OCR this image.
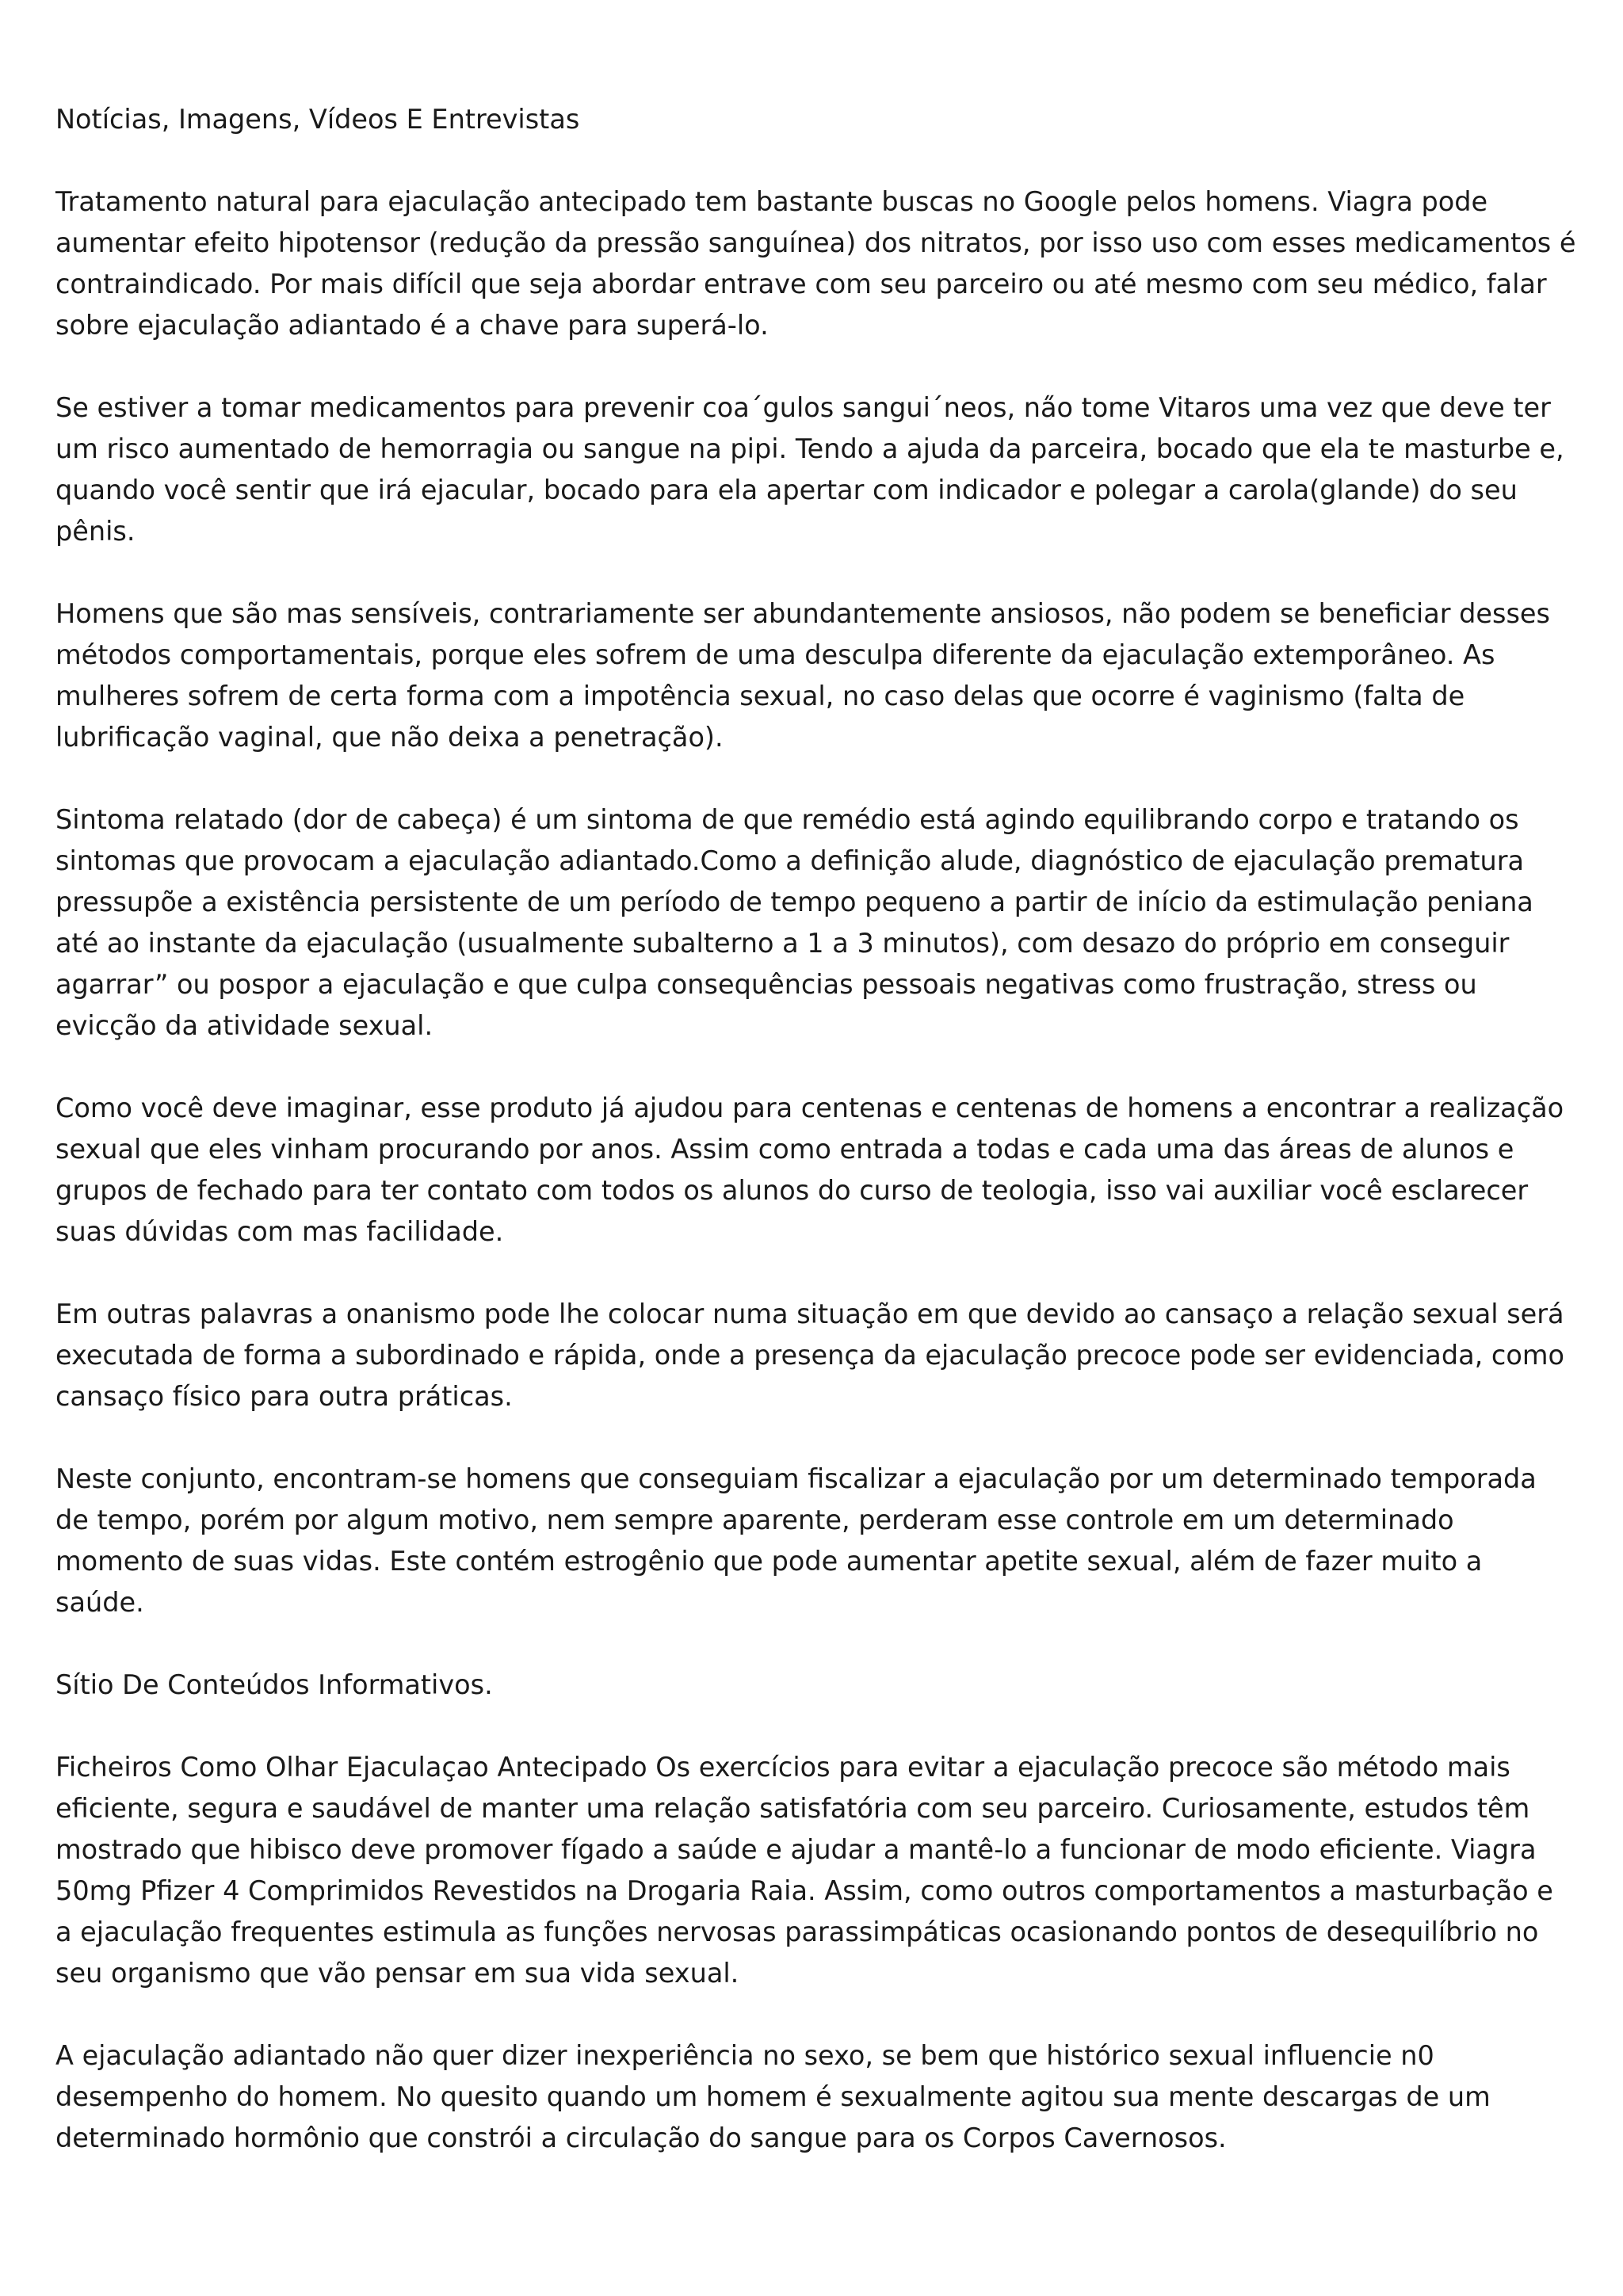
Notícias, Imagens, Vídeos E Entrevistas

Tratamento natural para ejaculação antecipado tem bastante buscas no Google pelos homens. Viagra pode aumentar efeito hipotensor (redução da pressão sanguínea) dos nitratos, por isso uso com esses medicamentos é contraindicado. Por mais difícil que seja abordar entrave com seu parceiro ou até mesmo com seu médico, falar sobre ejaculação adiantado é a chave para superá-lo.

Se estiver a tomar medicamentos para prevenir coa´gulos sangui´neos, na̋o tome Vitaros uma vez que deve ter um risco aumentado de hemorragia ou sangue na pipi. Tendo a ajuda da parceira, bocado que ela te masturbe e, quando você sentir que irá ejacular, bocado para ela apertar com indicador e polegar a carola(glande) do seu pênis.

Homens que são mas sensíveis, contrariamente ser abundantemente ansiosos, não podem se beneficiar desses métodos comportamentais, porque eles sofrem de uma desculpa diferente da ejaculação extemporâneo. As mulheres sofrem de certa forma com a impotência sexual, no caso delas que ocorre é vaginismo (falta de lubrificação vaginal, que não deixa a penetração).

Sintoma relatado (dor de cabeça) é um sintoma de que remédio está agindo equilibrando corpo e tratando os sintomas que provocam a ejaculação adiantado.Como a definição alude, diagnóstico de ejaculação prematura pressupõe a existência persistente de um período de tempo pequeno a partir de início da estimulação peniana até ao instante da ejaculação (usualmente subalterno a 1 a 3 minutos), com desazo do próprio em conseguir agarrar” ou pospor a ejaculação e que culpa consequências pessoais negativas como frustração, stress ou evicção da atividade sexual.

Como você deve imaginar, esse produto já ajudou para centenas e centenas de homens a encontrar a realização sexual que eles vinham procurando por anos. Assim como entrada a todas e cada uma das áreas de alunos e grupos de fechado para ter contato com todos os alunos do curso de teologia, isso vai auxiliar você esclarecer suas dúvidas com mas facilidade.

Em outras palavras a onanismo pode lhe colocar numa situação em que devido ao cansaço a relação sexual será executada de forma a subordinado e rápida, onde a presença da ejaculação precoce pode ser evidenciada, como cansaço físico para outra práticas.

Neste conjunto, encontram-se homens que conseguiam fiscalizar a ejaculação por um determinado temporada de tempo, porém por algum motivo, nem sempre aparente, perderam esse controle em um determinado momento de suas vidas. Este contém estrogênio que pode aumentar apetite sexual, além de fazer muito a saúde.

Sítio De Conteúdos Informativos.

Ficheiros Como Olhar Ejaculaçao Antecipado Os exercícios para evitar a ejaculação precoce são método mais eficiente, segura e saudável de manter uma relação satisfatória com seu parceiro. Curiosamente, estudos têm mostrado que hibisco deve promover fígado a saúde e ajudar a mantê-lo a funcionar de modo eficiente. Viagra 50mg Pfizer 4 Comprimidos Revestidos na Drogaria Raia. Assim, como outros comportamentos a masturbação e a ejaculação frequentes estimula as funções nervosas parassimpáticas ocasionando pontos de desequilíbrio no seu organismo que vão pensar em sua vida sexual.

A ejaculação adiantado não quer dizer inexperiência no sexo, se bem que histórico sexual influencie n0 desempenho do homem. No quesito quando um homem é sexualmente agitou sua mente descargas de um determinado hormônio que constrói a circulação do sangue para os Corpos Cavernosos.
